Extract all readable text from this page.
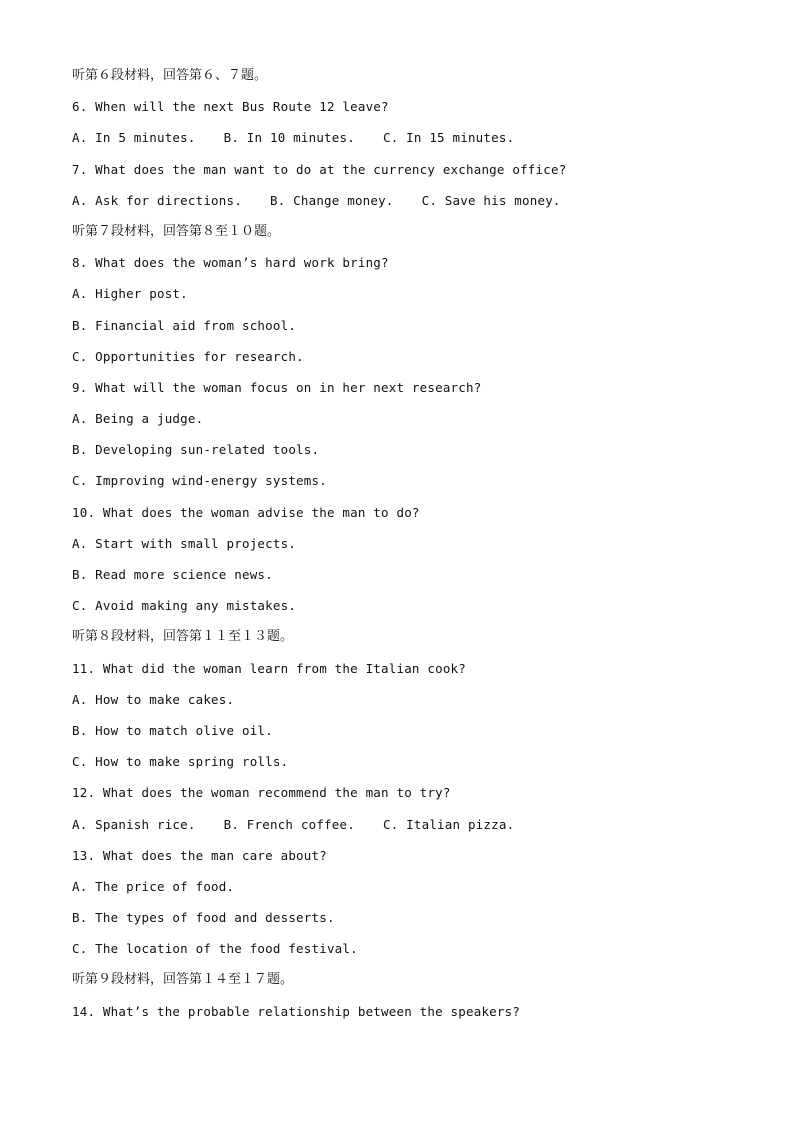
听第６段材料，回答第６、７题。
6. When will the next Bus Route 12 leave?
A. In 5 minutes. B. In 10 minutes. C. In 15 minutes.
7. What does the man want to do at the currency exchange office?
A. Ask for directions. B. Change money. C. Save his money.
听第７段材料，回答第８至１０题。
8. What does the woman’s hard work bring?
A. Higher post.
B. Financial aid from school.
C. Opportunities for research.
9. What will the woman focus on in her next research?
A. Being a judge.
B. Developing sun-related tools.
C. Improving wind-energy systems.
10. What does the woman advise the man to do?
A. Start with small projects.
B. Read more science news.
C. Avoid making any mistakes.
听第８段材料，回答第１１至１３题。
11. What did the woman learn from the Italian cook?
A. How to make cakes.
B. How to match olive oil.
C. How to make spring rolls.
12. What does the woman recommend the man to try?
A. Spanish rice. B. French coffee. C. Italian pizza.
13. What does the man care about?
A. The price of food.
B. The types of food and desserts.
C. The location of the food festival.
听第９段材料，回答第１４至１７题。
14. What’s the probable relationship between the speakers?
